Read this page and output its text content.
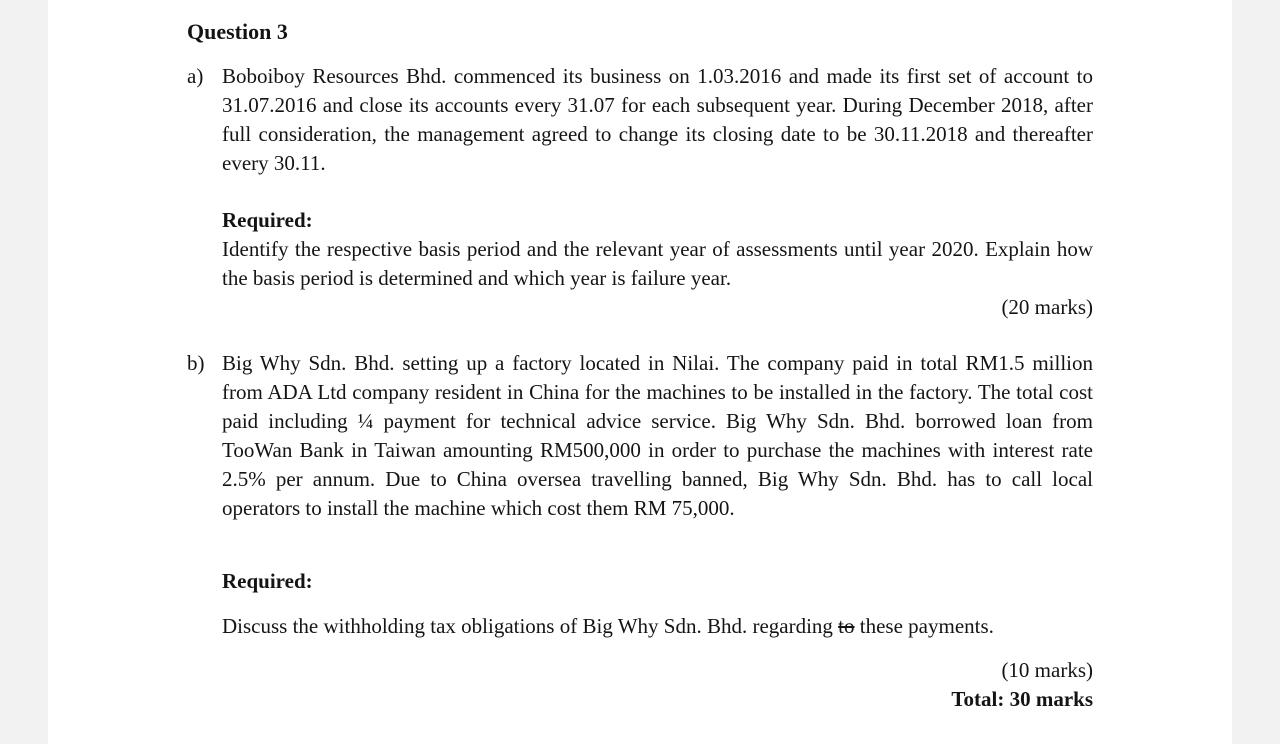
Question 3
a) Boboiboy Resources Bhd. commenced its business on 1.03.2016 and made its first set of account to 31.07.2016 and close its accounts every 31.07 for each subsequent year. During December 2018, after full consideration, the management agreed to change its closing date to be 30.11.2018 and thereafter every 30.11.

Required:

Identify the respective basis period and the relevant year of assessments until year 2020. Explain how the basis period is determined and which year is failure year.

(20 marks)
b) Big Why Sdn. Bhd. setting up a factory located in Nilai. The company paid in total RM1.5 million from ADA Ltd company resident in China for the machines to be installed in the factory. The total cost paid including ¼ payment for technical advice service. Big Why Sdn. Bhd. borrowed loan from TooWan Bank in Taiwan amounting RM500,000 in order to purchase the machines with interest rate 2.5% per annum. Due to China oversea travelling banned, Big Why Sdn. Bhd. has to call local operators to install the machine which cost them RM 75,000.

Required:

Discuss the withholding tax obligations of Big Why Sdn. Bhd. regarding to these payments.

(10 marks)
Total: 30 marks
